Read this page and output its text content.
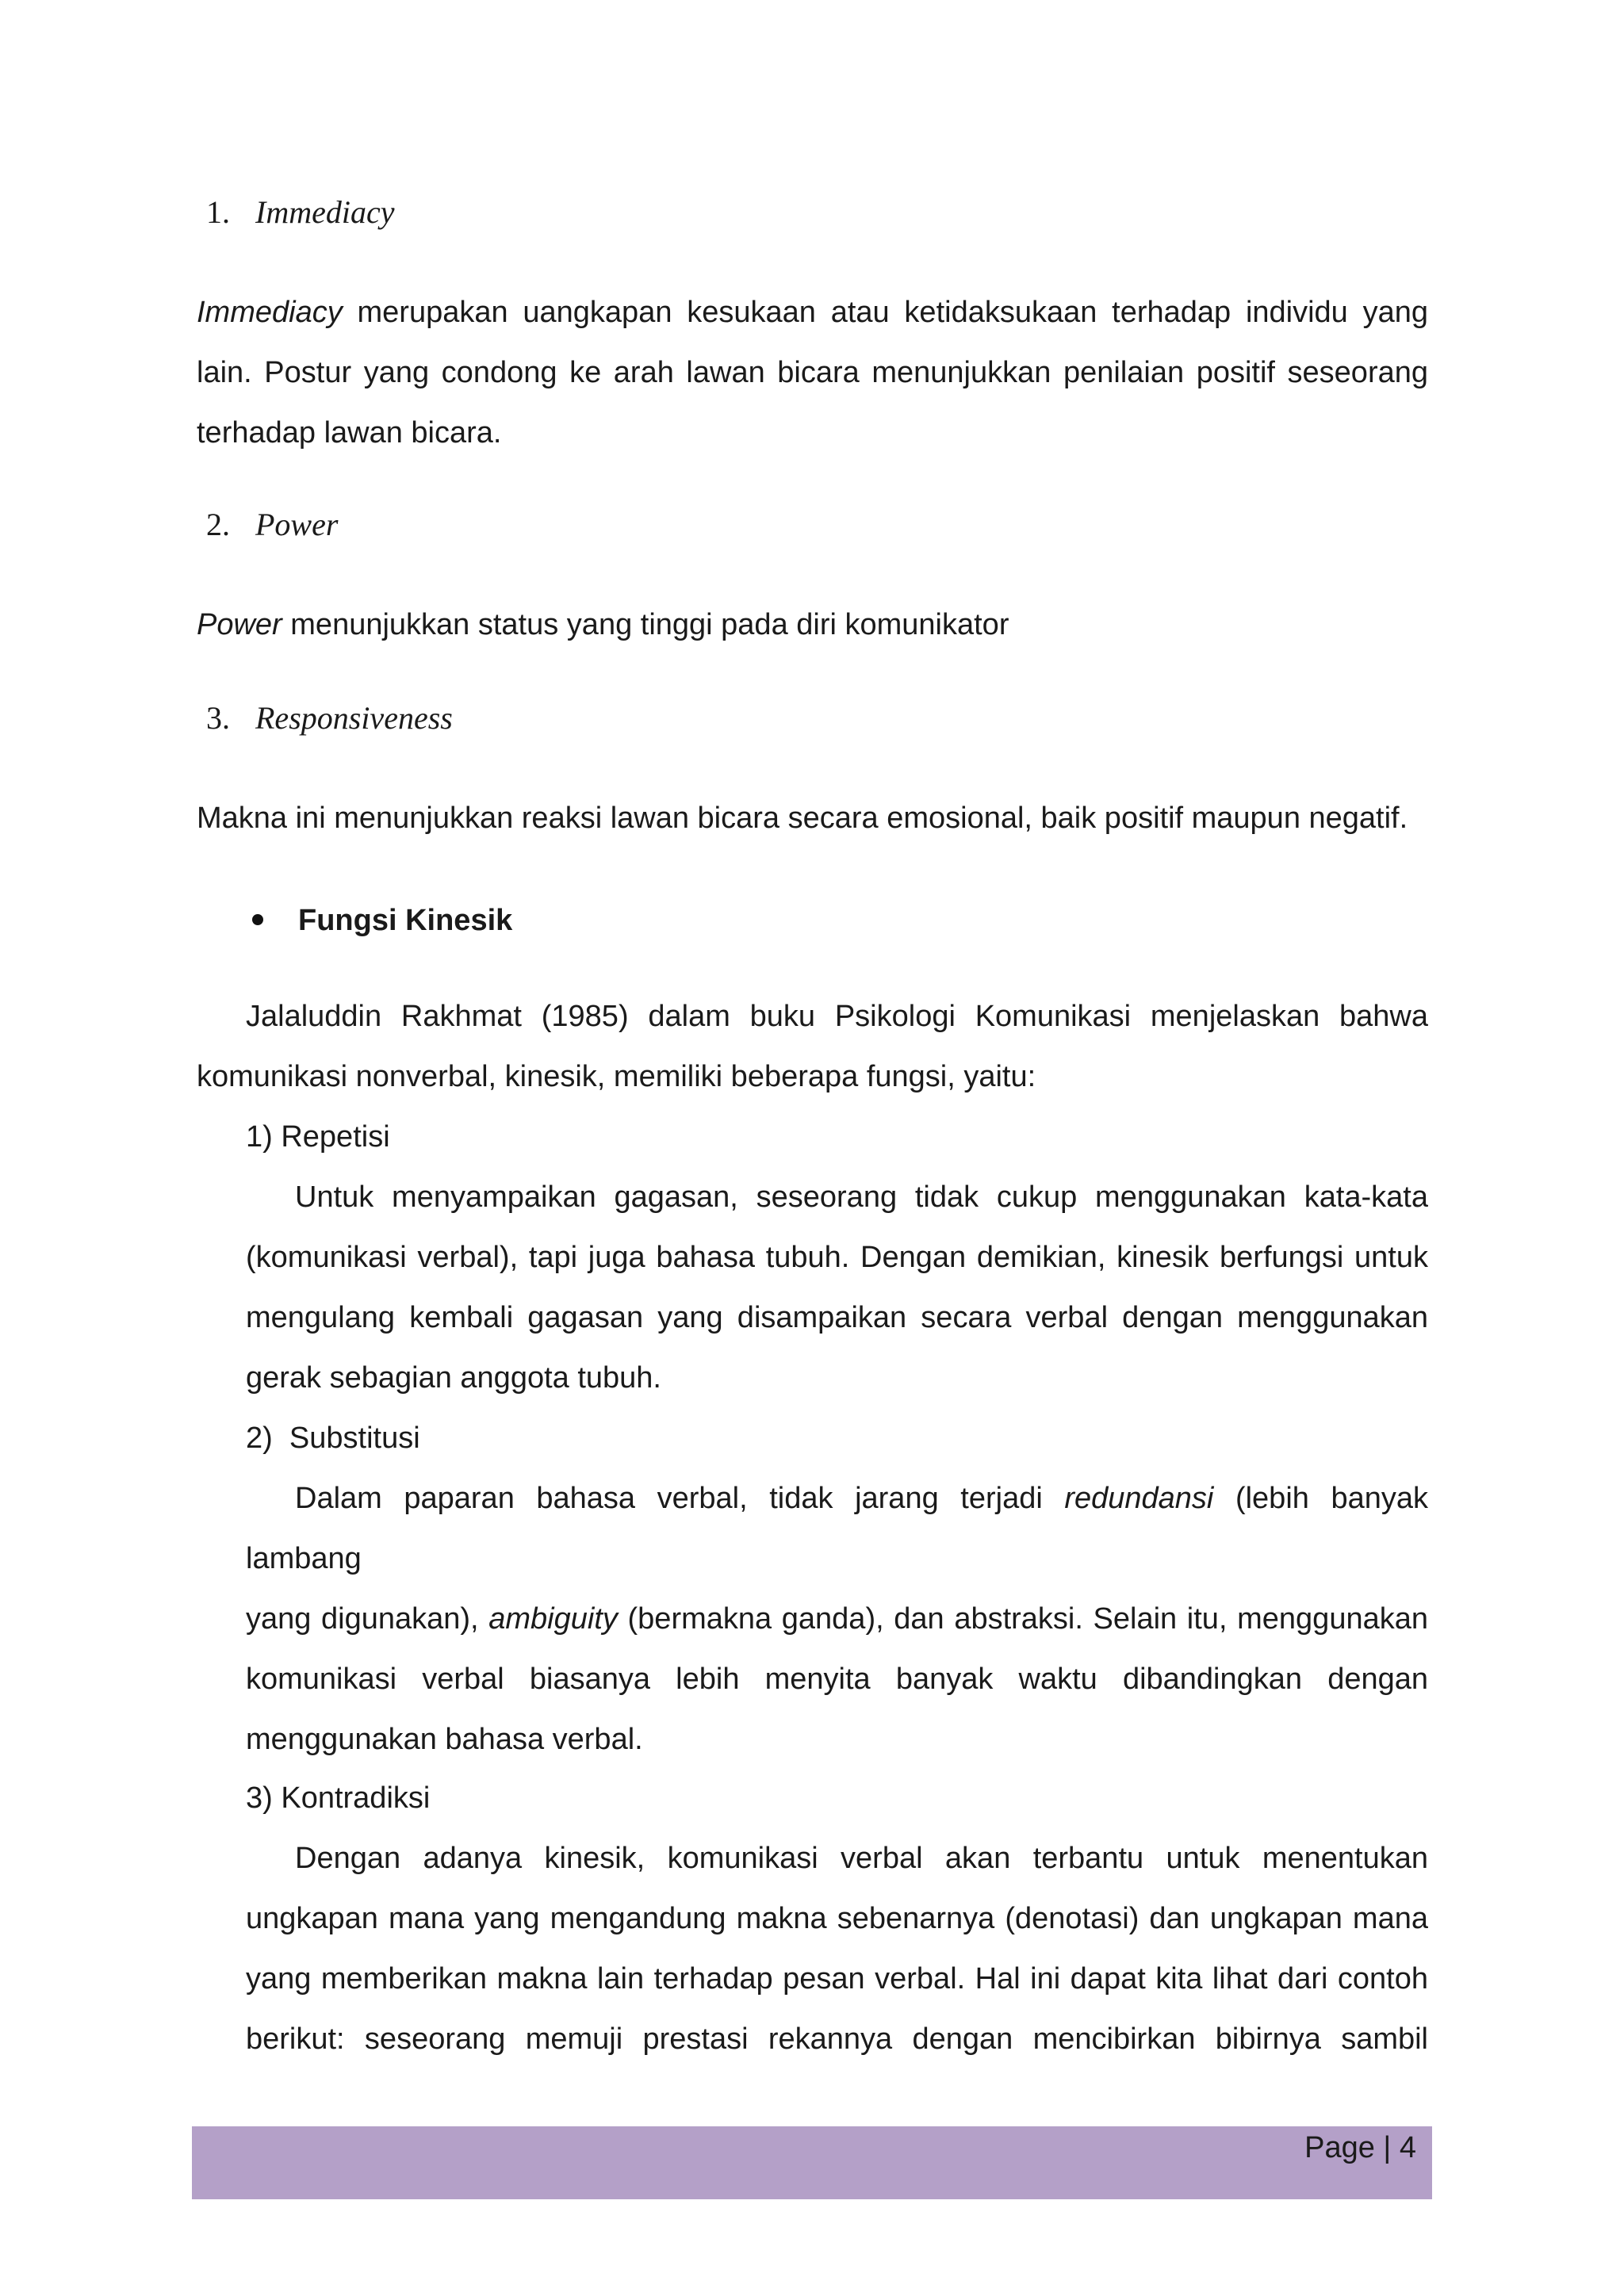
1. Immediacy

Immediacy merupakan uangkapan kesukaan atau ketidaksukaan terhadap individu yang

lain. Postur yang condong ke arah lawan bicara menunjukkan penilaian positif seseorang

terhadap lawan bicara.

2. Power

Power menunjukkan status yang tinggi pada diri komunikator

3. Responsiveness

Makna ini menunjukkan reaksi lawan bicara secara emosional, baik positif maupun negatif.

Fungsi Kinesik

Jalaluddin Rakhmat (1985) dalam buku Psikologi Komunikasi menjelaskan bahwa

komunikasi nonverbal, kinesik, memiliki beberapa fungsi, yaitu:

1) Repetisi

Untuk menyampaikan gagasan, seseorang tidak cukup menggunakan kata-kata

(komunikasi verbal), tapi juga bahasa tubuh. Dengan demikian, kinesik berfungsi untuk

mengulang kembali gagasan yang disampaikan secara verbal dengan menggunakan

gerak sebagian anggota tubuh.

2)  Substitusi

Dalam paparan bahasa verbal, tidak jarang terjadi redundansi (lebih banyak lambang

yang digunakan), ambiguity (bermakna ganda), dan abstraksi. Selain itu, menggunakan

komunikasi verbal biasanya lebih menyita banyak waktu dibandingkan dengan

menggunakan bahasa verbal.

3) Kontradiksi

Dengan adanya kinesik, komunikasi verbal akan terbantu untuk menentukan

ungkapan mana yang mengandung makna sebenarnya (denotasi) dan ungkapan mana

yang memberikan makna lain terhadap pesan verbal. Hal ini dapat kita lihat dari contoh

berikut: seseorang memuji prestasi rekannya dengan mencibirkan bibirnya sambil

Page | 4
